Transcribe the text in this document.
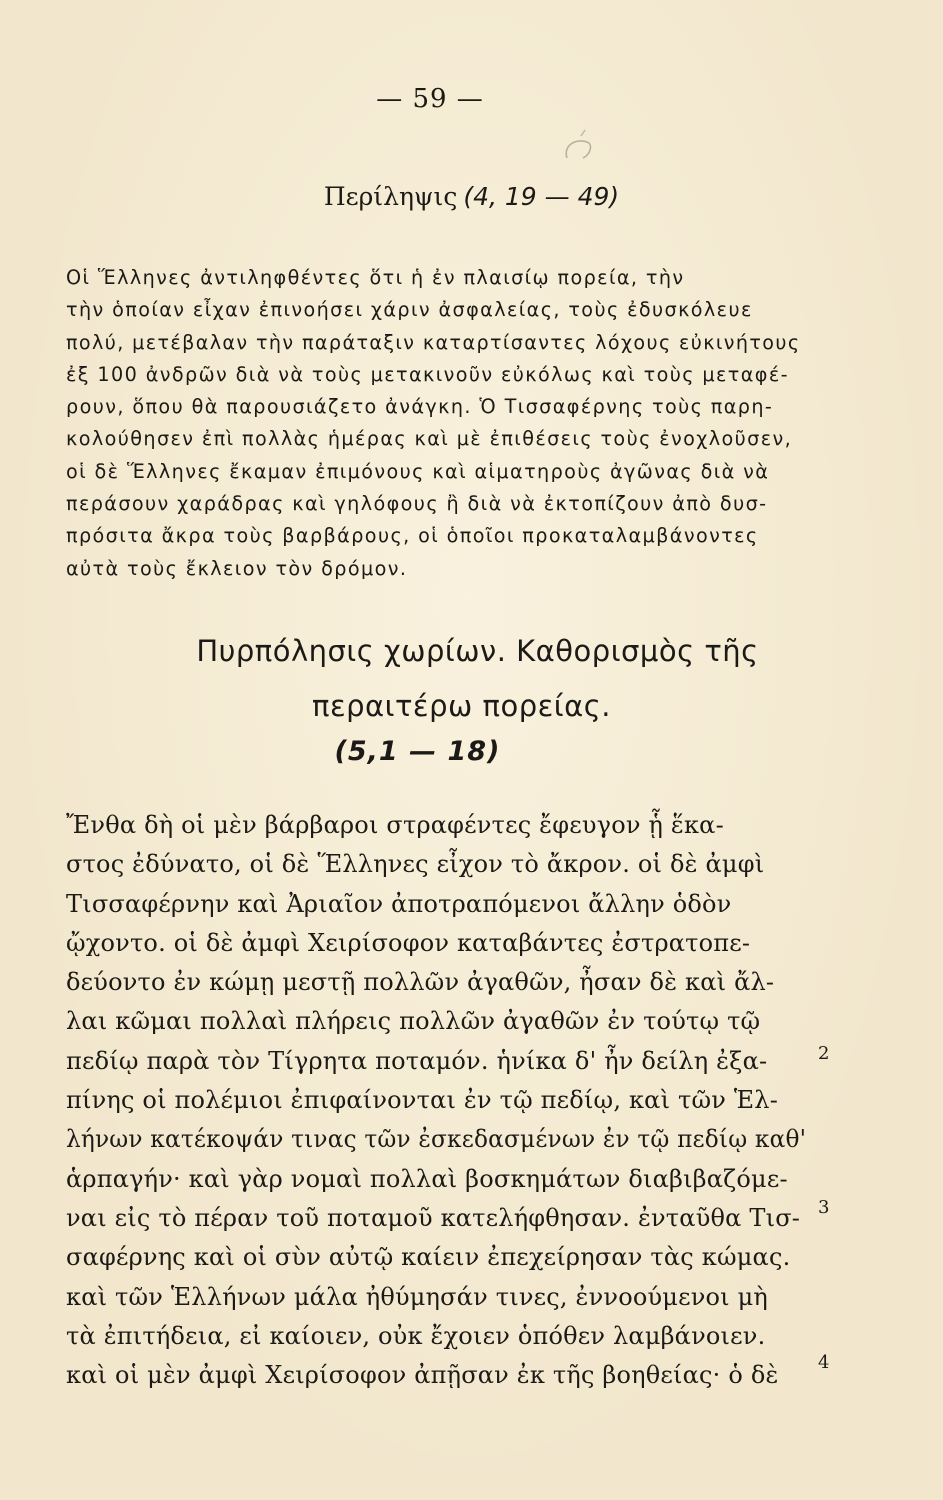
— 59 —
Περίληψις (4, 19 — 49)
Οἱ Ἕλληνες ἀντιληφθέντες ὅτι ἡ ἐν πλαισίῳ πορεία, τὴν
τὴν ὁποίαν εἶχαν ἐπινοήσει χάριν ἀσφαλείας, τοὺς ἐδυσκόλευε
πολύ, μετέβαλαν τὴν παράταξιν καταρτίσαντες λόχους εὐκινήτους
ἐξ 100 ἀνδρῶν διὰ νὰ τοὺς μετακινοῦν εὐκόλως καὶ τοὺς μεταφέ-
ρουν, ὅπου θὰ παρουσιάζετο ἀνάγκη. Ὁ Τισσαφέρνης τοὺς παρη-
κολούθησεν ἐπὶ πολλὰς ἡμέρας καὶ μὲ ἐπιθέσεις τοὺς ἐνοχλοῦσεν,
οἱ δὲ Ἕλληνες ἔκαμαν ἐπιμόνους καὶ αἱματηροὺς ἀγῶνας διὰ νὰ
περάσουν χαράδρας καὶ γηλόφους ἢ διὰ νὰ ἐκτοπίζουν ἀπὸ δυσ-
πρόσιτα ἄκρα τοὺς βαρβάρους, οἱ ὁποῖοι προκαταλαμβάνοντες
αὐτὰ τοὺς ἔκλειον τὸν δρόμον.
Πυρπόλησις χωρίων. Καθορισμὸς τῆς
περαιτέρω πορείας.
(5,1 — 18)
Ἔνθα δὴ οἱ μὲν βάρβαροι στραφέντες ἔφευγον ᾗ ἕκα-
στος ἐδύνατο, οἱ δὲ Ἕλληνες εἶχον τὸ ἄκρον. οἱ δὲ ἀμφὶ
Τισσαφέρνην καὶ Ἀριαῖον ἀποτραπόμενοι ἄλλην ὁδὸν
ᾤχοντο. οἱ δὲ ἀμφὶ Χειρίσοφον καταβάντες ἐστρατοπε-
δεύοντο ἐν κώμῃ μεστῇ πολλῶν ἀγαθῶν, ἦσαν δὲ καὶ ἄλ-
λαι κῶμαι πολλαὶ πλήρεις πολλῶν ἀγαθῶν ἐν τούτῳ τῷ
πεδίῳ παρὰ τὸν Τίγρητα ποταμόν. ἡνίκα δ' ἦν δείλη ἐξα-
πίνης οἱ πολέμιοι ἐπιφαίνονται ἐν τῷ πεδίῳ, καὶ τῶν Ἑλ-
λήνων κατέκοψάν τινας τῶν ἐσκεδασμένων ἐν τῷ πεδίῳ καθ'
ἁρπαγήν· καὶ γὰρ νομαὶ πολλαὶ βοσκημάτων διαβιβαζόμε-
ναι εἰς τὸ πέραν τοῦ ποταμοῦ κατελήφθησαν. ἐνταῦθα Τισ-
σαφέρνης καὶ οἱ σὺν αὐτῷ καίειν ἐπεχείρησαν τὰς κώμας.
καὶ τῶν Ἑλλήνων μάλα ἠθύμησάν τινες, ἐννοούμενοι μὴ
τὰ ἐπιτήδεια, εἰ καίοιεν, οὐκ ἔχοιεν ὁπόθεν λαμβάνοιεν.
καὶ οἱ μὲν ἀμφὶ Χειρίσοφον ἀπῇσαν ἐκ τῆς βοηθείας· ὁ δὲ
2
3
4
